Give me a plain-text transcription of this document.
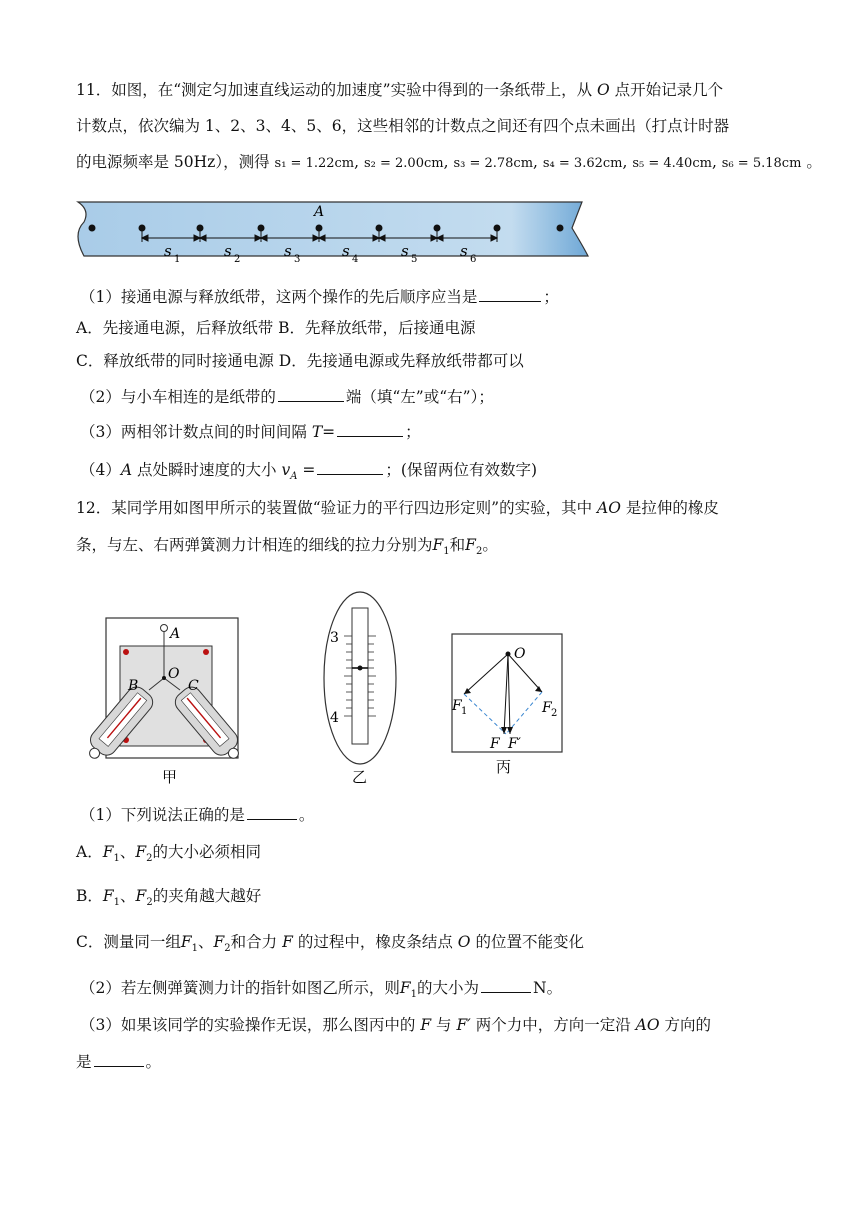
11．如图，在“测定匀加速直线运动的加速度”实验中得到的一条纸带上，从 O 点开始记录几个
计数点，依次编为 1、2、3、4、5、6，这些相邻的计数点之间还有四个点未画出（打点计时器
的电源频率是 50Hz），测得 s₁ = 1.22cm, s₂ = 2.00cm, s₃ = 2.78cm, s₄ = 3.62cm, s₅ = 4.40cm, s₆ = 5.18cm 。
A
s 1	s 2	s 3	s 4	s 5	s 6
（1）接通电源与释放纸带，这两个操作的先后顺序应当是	；
A．先接通电源，后释放纸带 B．先释放纸带，后接通电源
C．释放纸带的同时接通电源 D．先接通电源或先释放纸带都可以
（2）与小车相连的是纸带的	端（填“左”或“右”）；
（3）两相邻计数点间的时间间隔 T=	；
（4）A 点处瞬时速度的大小 $v_A$ =	；(保留两位有效数字)
12．某同学用如图甲所示的装置做“验证力的平行四边形定则”的实验，其中 AO 是拉伸的橡皮
条，与左、右两弹簧测力计相连的细线的拉力分别为$F_1$和$F_2$。
A
O
B	C
甲
3
4
乙
O
F 1	F 2
F F′
丙
（1）下列说法正确的是	。
A．$F_1$、$F_2$的大小必须相同
B．$F_1$、$F_2$的夹角越大越好
C．测量同一组$F_1$、$F_2$和合力 F 的过程中，橡皮条结点 O 的位置不能变化
（2）若左侧弹簧测力计的指针如图乙所示，则$F_1$的大小为	N。
（3）如果该同学的实验操作无误，那么图丙中的 F 与 F′ 两个力中，方向一定沿 AO 方向的
是	。
